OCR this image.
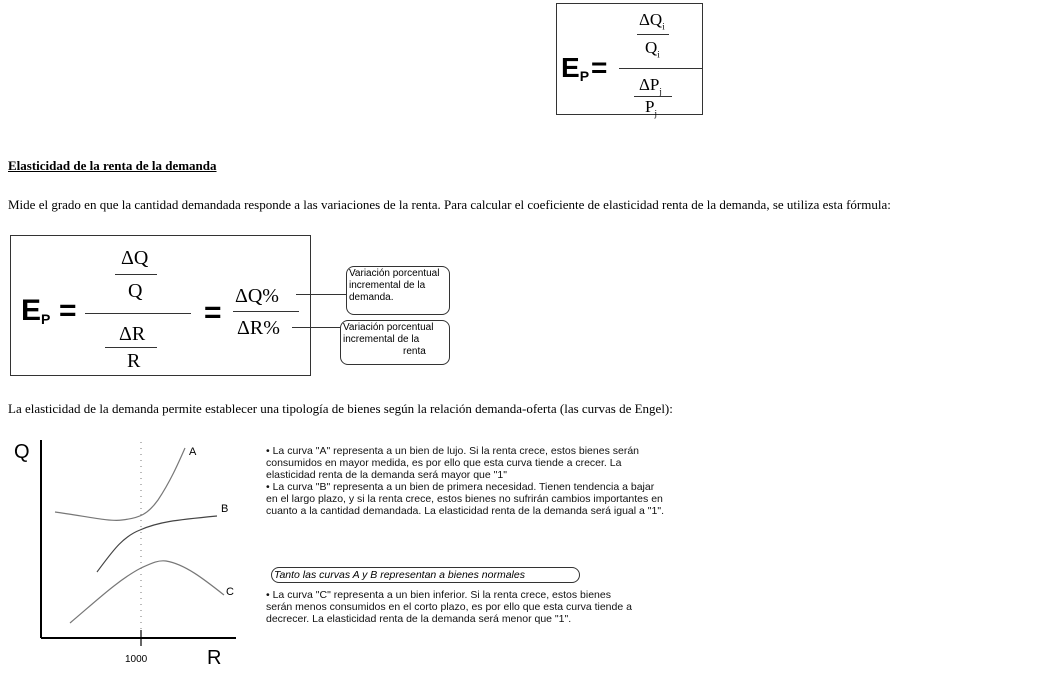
$E_P$ =
$\Delta Q_i$
$Q_i$
$\Delta P_j$
$P_j$
Elasticidad de la renta de la demanda
Mide el grado en que la cantidad demandada responde a las variaciones de la renta. Para calcular el coeficiente de elasticidad renta de la demanda, se utiliza esta fórmula:
$E_P$ =
ΔQ
Q
ΔR
R
= ΔQ%
ΔR%
Variación porcentual
incremental de la
demanda.
Variación porcentual
incremental de la
renta
La elasticidad de la demanda permite establecer una tipología de bienes según la relación demanda-oferta (las curvas de Engel):
Q
R
1000
A
B
C

• La curva "A" representa a un bien de lujo. Si la renta crece, estos bienes serán consumidos en mayor medida, es por ello que esta curva tiende a crecer. La elasticidad renta de la demanda será mayor que "1"

• La curva "B" representa a un bien de primera necesidad. Tienen tendencia a bajar en el largo plazo, y si la renta crece, estos bienes no sufrirán cambios importantes en cuanto a la cantidad demandada. La elasticidad renta de la demanda será igual a "1".

Tanto las curvas A y B representan a bienes normales

• La curva "C" representa a un bien inferior. Si la renta crece, estos bienes serán menos consumidos en el corto plazo, es por ello que esta curva tiende a decrecer. La elasticidad renta de la demanda será menor que "1".
